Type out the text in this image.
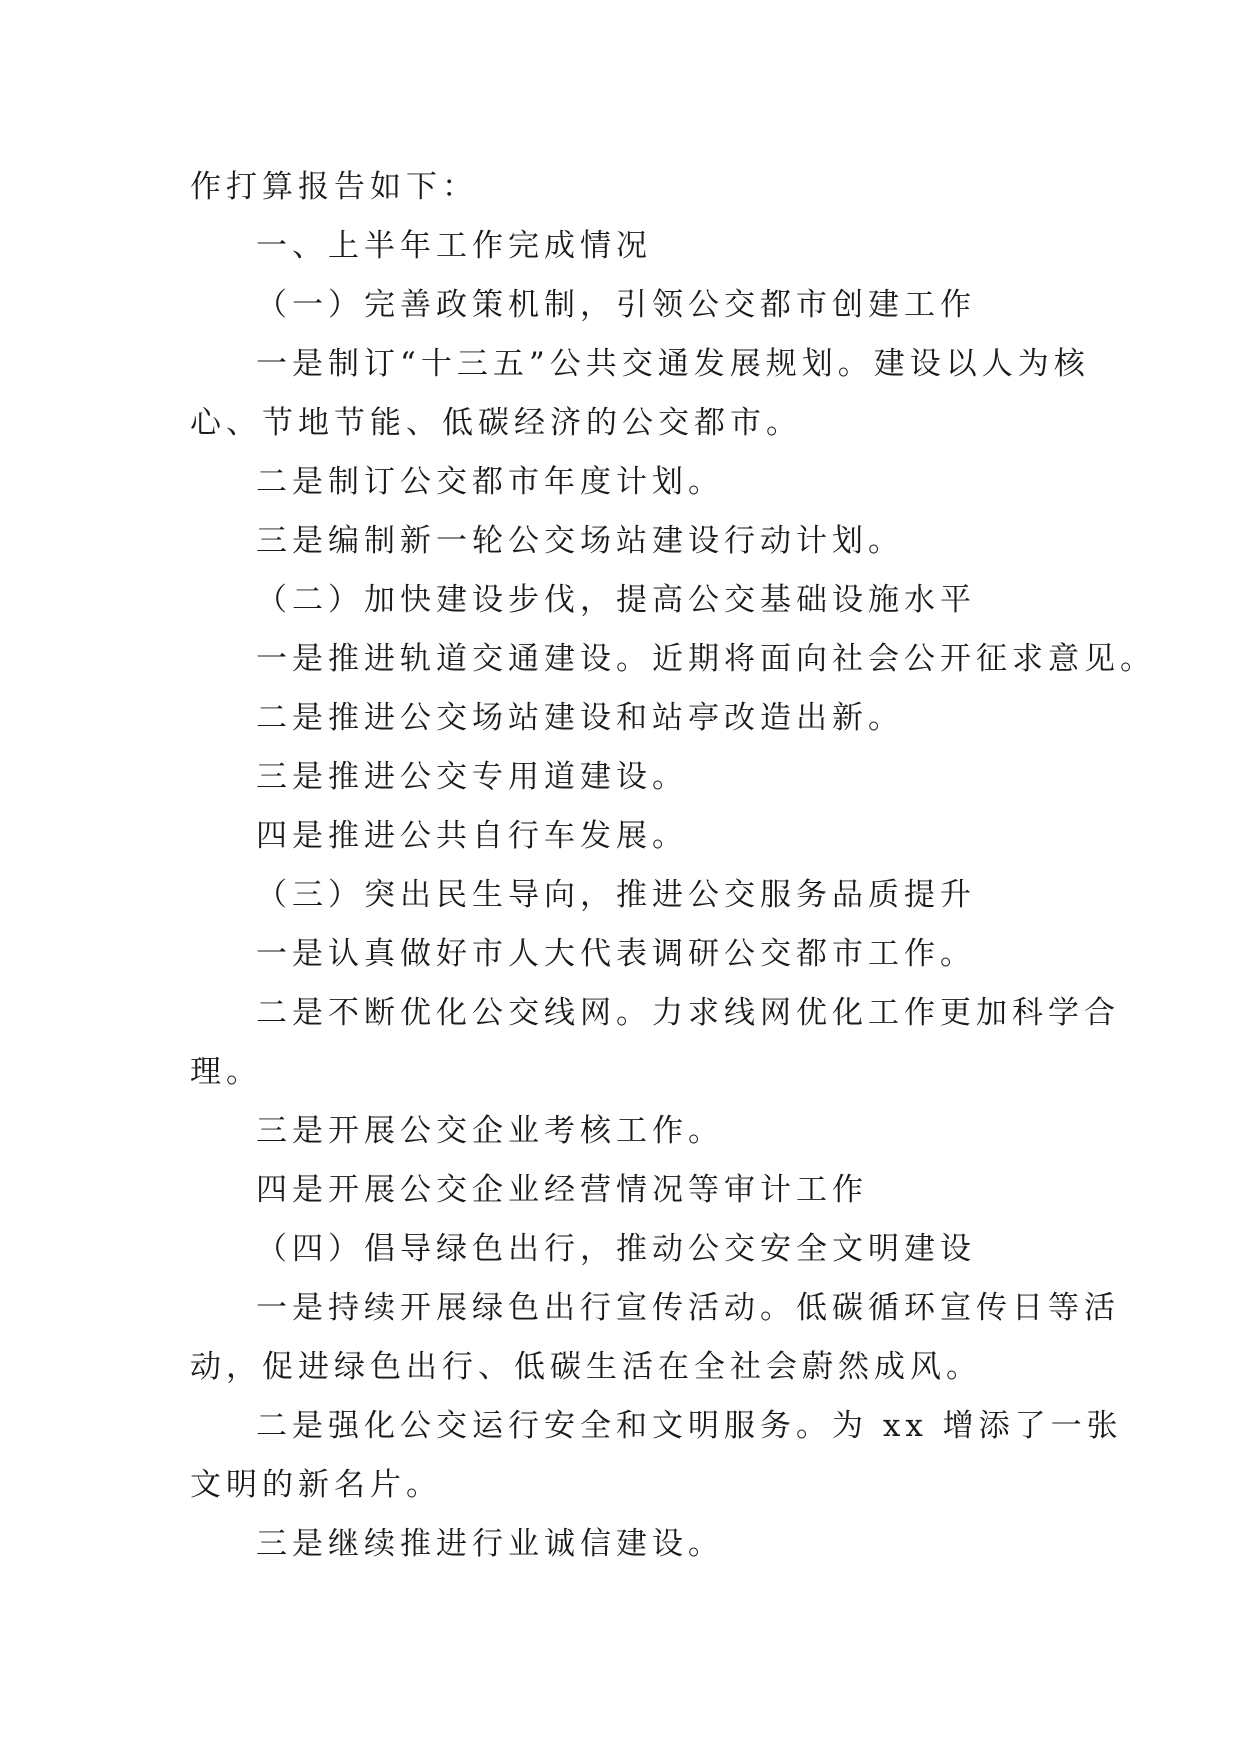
作打算报告如下：

一、上半年工作完成情况

（一）完善政策机制，引领公交都市创建工作

一是制订“十三五”公共交通发展规划。建设以人为核

心、节地节能、低碳经济的公交都市。

二是制订公交都市年度计划。

三是编制新一轮公交场站建设行动计划。

（二）加快建设步伐，提高公交基础设施水平

一是推进轨道交通建设。近期将面向社会公开征求意见。

二是推进公交场站建设和站亭改造出新。

三是推进公交专用道建设。

四是推进公共自行车发展。

（三）突出民生导向，推进公交服务品质提升

一是认真做好市人大代表调研公交都市工作。

二是不断优化公交线网。力求线网优化工作更加科学合

理。

三是开展公交企业考核工作。

四是开展公交企业经营情况等审计工作

（四）倡导绿色出行，推动公交安全文明建设

一是持续开展绿色出行宣传活动。低碳循环宣传日等活

动，促进绿色出行、低碳生活在全社会蔚然成风。

二是强化公交运行安全和文明服务。为 xx 增添了一张

文明的新名片。

三是继续推进行业诚信建设。
